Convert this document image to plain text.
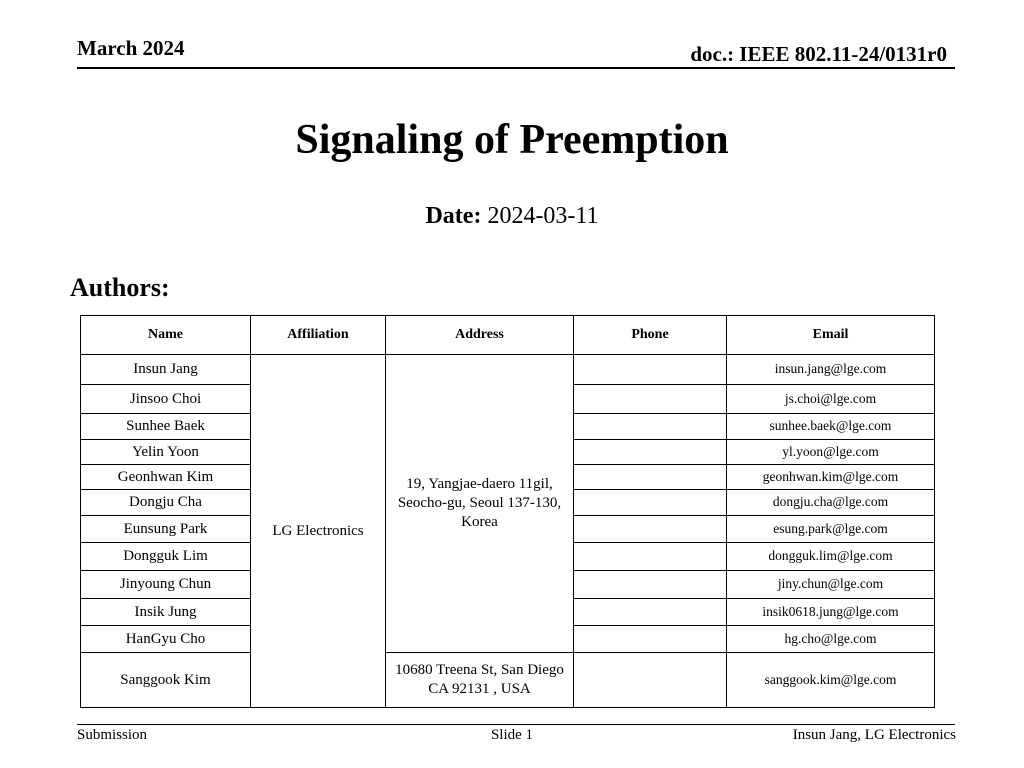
March 2024	doc.: IEEE 802.11-24/0131r0
Signaling of Preemption
Date: 2024-03-11
Authors:
Name	Affiliation	Address	Phone	Email
Insun Jang	LG Electronics	19, Yangjae-daero 11gil, Seocho-gu, Seoul 137-130, Korea		insun.jang@lge.com
Jinsoo Choi				js.choi@lge.com
Sunhee Baek				sunhee.baek@lge.com
Yelin Yoon				yl.yoon@lge.com
Geonhwan Kim				geonhwan.kim@lge.com
Dongju Cha				dongju.cha@lge.com
Eunsung Park				esung.park@lge.com
Dongguk Lim				dongguk.lim@lge.com
Jinyoung Chun				jiny.chun@lge.com
Insik Jung				insik0618.jung@lge.com
HanGyu Cho				hg.cho@lge.com
Sanggook Kim		10680 Treena St, San Diego CA 92131 , USA		sanggook.kim@lge.com
Submission	Slide 1	Insun Jang, LG Electronics
